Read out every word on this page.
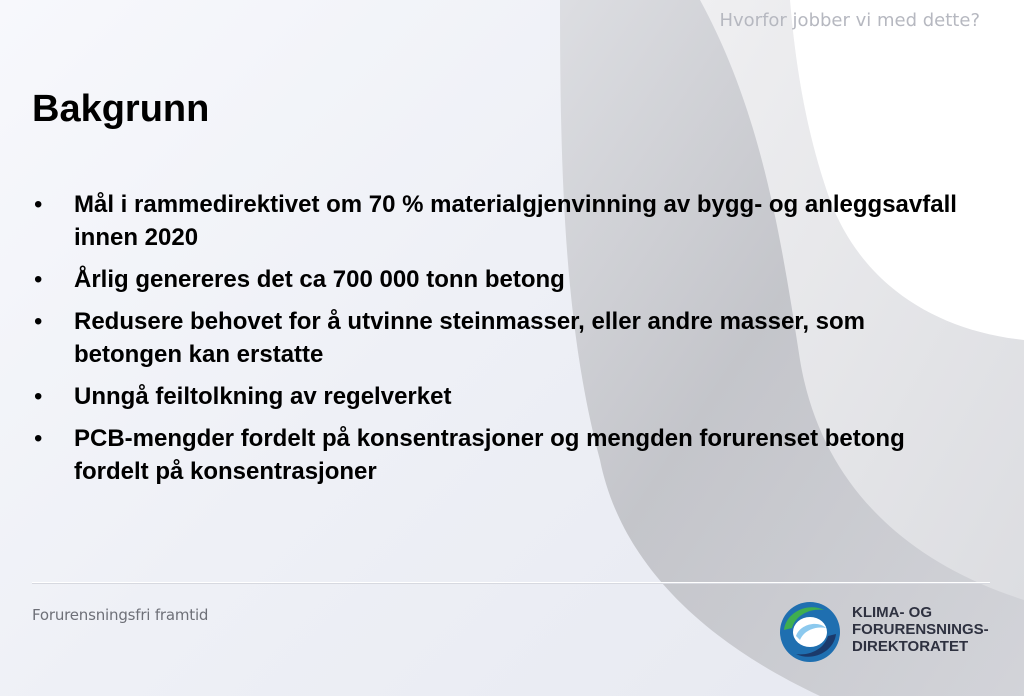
Hvorfor jobber vi med dette?
Bakgrunn
•	Mål i rammedirektivet om 70 % materialgjenvinning av bygg- og anleggsavfall innen 2020
•	Årlig genereres det ca 700 000 tonn betong
•	Redusere behovet for å utvinne steinmasser, eller andre masser, som betongen kan erstatte
•	Unngå feiltolkning av regelverket
•	PCB-mengder fordelt på konsentrasjoner og mengden forurenset betong fordelt på konsentrasjoner
Forurensningsfri framtid	KLIMA- OG
FORURENSNINGS-
DIREKTORATET
